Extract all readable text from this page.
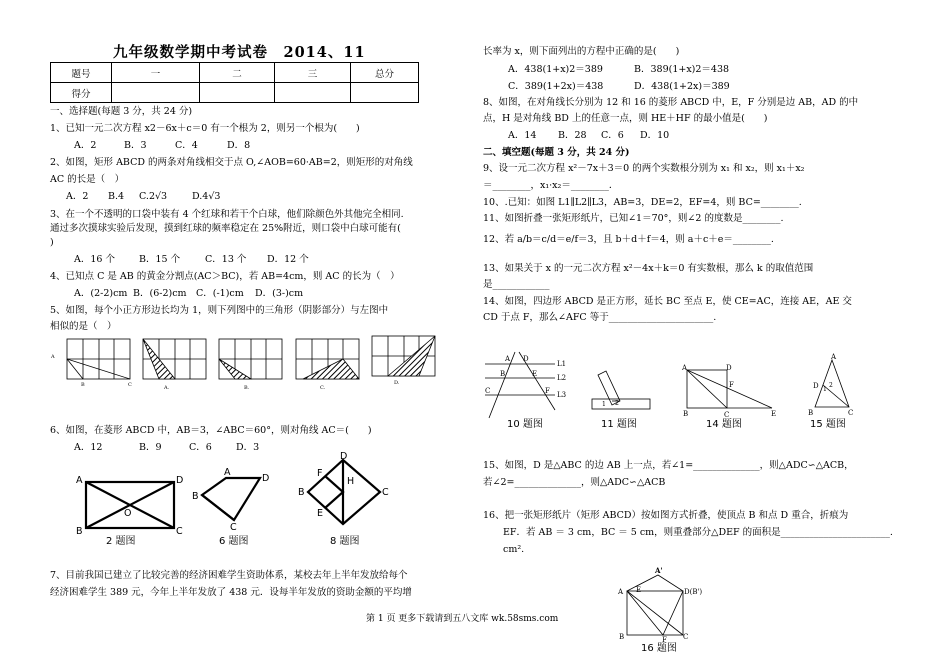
九年级数学期中考试卷　2014、11
题号	一	二	三	总分
得分				
一、选择题(每题 3 分，共 24 分)
1、已知一元二次方程 x2－6x＋c＝0 有一个根为 2，则另一个根为(　　)
A．2	B．3	C．4	D．8
2、如图，矩形 ABCD 的两条对角线相交于点 O,∠AOB=60·AB=2，则矩形的对角线
AC 的长是（　）
A．2 B.4 C.2√3	D.4√3
3、在一个不透明的口袋中装有 4 个红球和若干个白球，他们除颜色外其他完全相同.
通过多次摸球实验后发现，摸到红球的频率稳定在 25%附近，则口袋中白球可能有(
)
A．16 个	B．15 个	C．13 个 D．12 个
4、已知点 C 是 AB 的黄金分割点(AC＞BC)，若 AB=4cm，则 AC 的长为（　）
A．(2-2)cm B．(6-2)cm C．(-1)cm D．(3-)cm
5、如图，每个小正方形边长均为 1，则下列图中的三角形（阴影部分）与左图中
相似的是（　）
A
B	C	A.	B.	C.
D.
6、如图，在菱形 ABCD 中，AB＝3，∠ABC＝60°，则对角线 AC＝(　　)
A．12	B．9	C．6	D．3
A	D
B	C
O
2 题图
A
B
C
D
6 题图
D
F
H
B	C
E
8 题图
7、目前我国已建立了比较完善的经济困难学生资助体系，某校去年上半年发放给每个
经济困难学生 389 元，今年上半年发放了 438 元．设每半年发放的资助金额的平均增
长率为 x，则下面列出的方程中正确的是(　　)
A．438(1+x)2＝389	B．389(1+x)2＝438
C．389(1+2x)＝438	D．438(1+2x)＝389
8、如图，在对角线长分别为 12 和 16 的菱形 ABCD 中，E，F 分别是边 AB，AD 的中
点，H 是对角线 BD 上的任意一点，则 HE＋HF 的最小值是(　　)
A．14 B．28 C．6 D．10
二、填空题(每题 3 分，共 24 分)
9、设一元二次方程 x²－7x＋3＝0 的两个实数根分别为 x₁ 和 x₂，则 x₁＋x₂
＝________，x₁·x₂＝________．
10、.已知：如图 L1∥L2∥L3，AB=3，DE=2，EF=4，则 BC=________.
11、如图折叠一张矩形纸片，已知∠1＝70°，则∠2 的度数是________.
12、若 a/b＝c/d＝e/f＝3，且 b＋d＋f＝4，则 a＋c＋e＝________.
13、如果关于 x 的一元二次方程 x²－4x＋k＝0 有实数根，那么 k 的取值范围
是____________
14、如图，四边形 ABCD 是正方形，延长 BC 至点 E，使 CE=AC，连接 AE，AE 交
CD 于点 F，那么∠AFC 等于______________________.
A D
B	E
C	F
L1
L2
L3
10 题图
1 2
11 题图
A	D
F
B	C	E
14 题图
A
D 1
2
B	C
15 题图
15、如图，D 是△ABC 的边 AB 上一点，若∠1=______________，则△ADC∽△ACB，
若∠2=______________，则△ADC∽△ACB
16、把一张矩形纸片（矩形 ABCD）按如图方式折叠，使顶点 B 和点 D 重合，折痕为
EF．若 AB ＝ 3 cm，BC ＝ 5 cm，则重叠部分△DEF 的面积是_______________________.
cm².
A'
A E	D(B')
B	F C
16 题图
第 1 页 更多下载请到五八文库 wk.58sms.com
